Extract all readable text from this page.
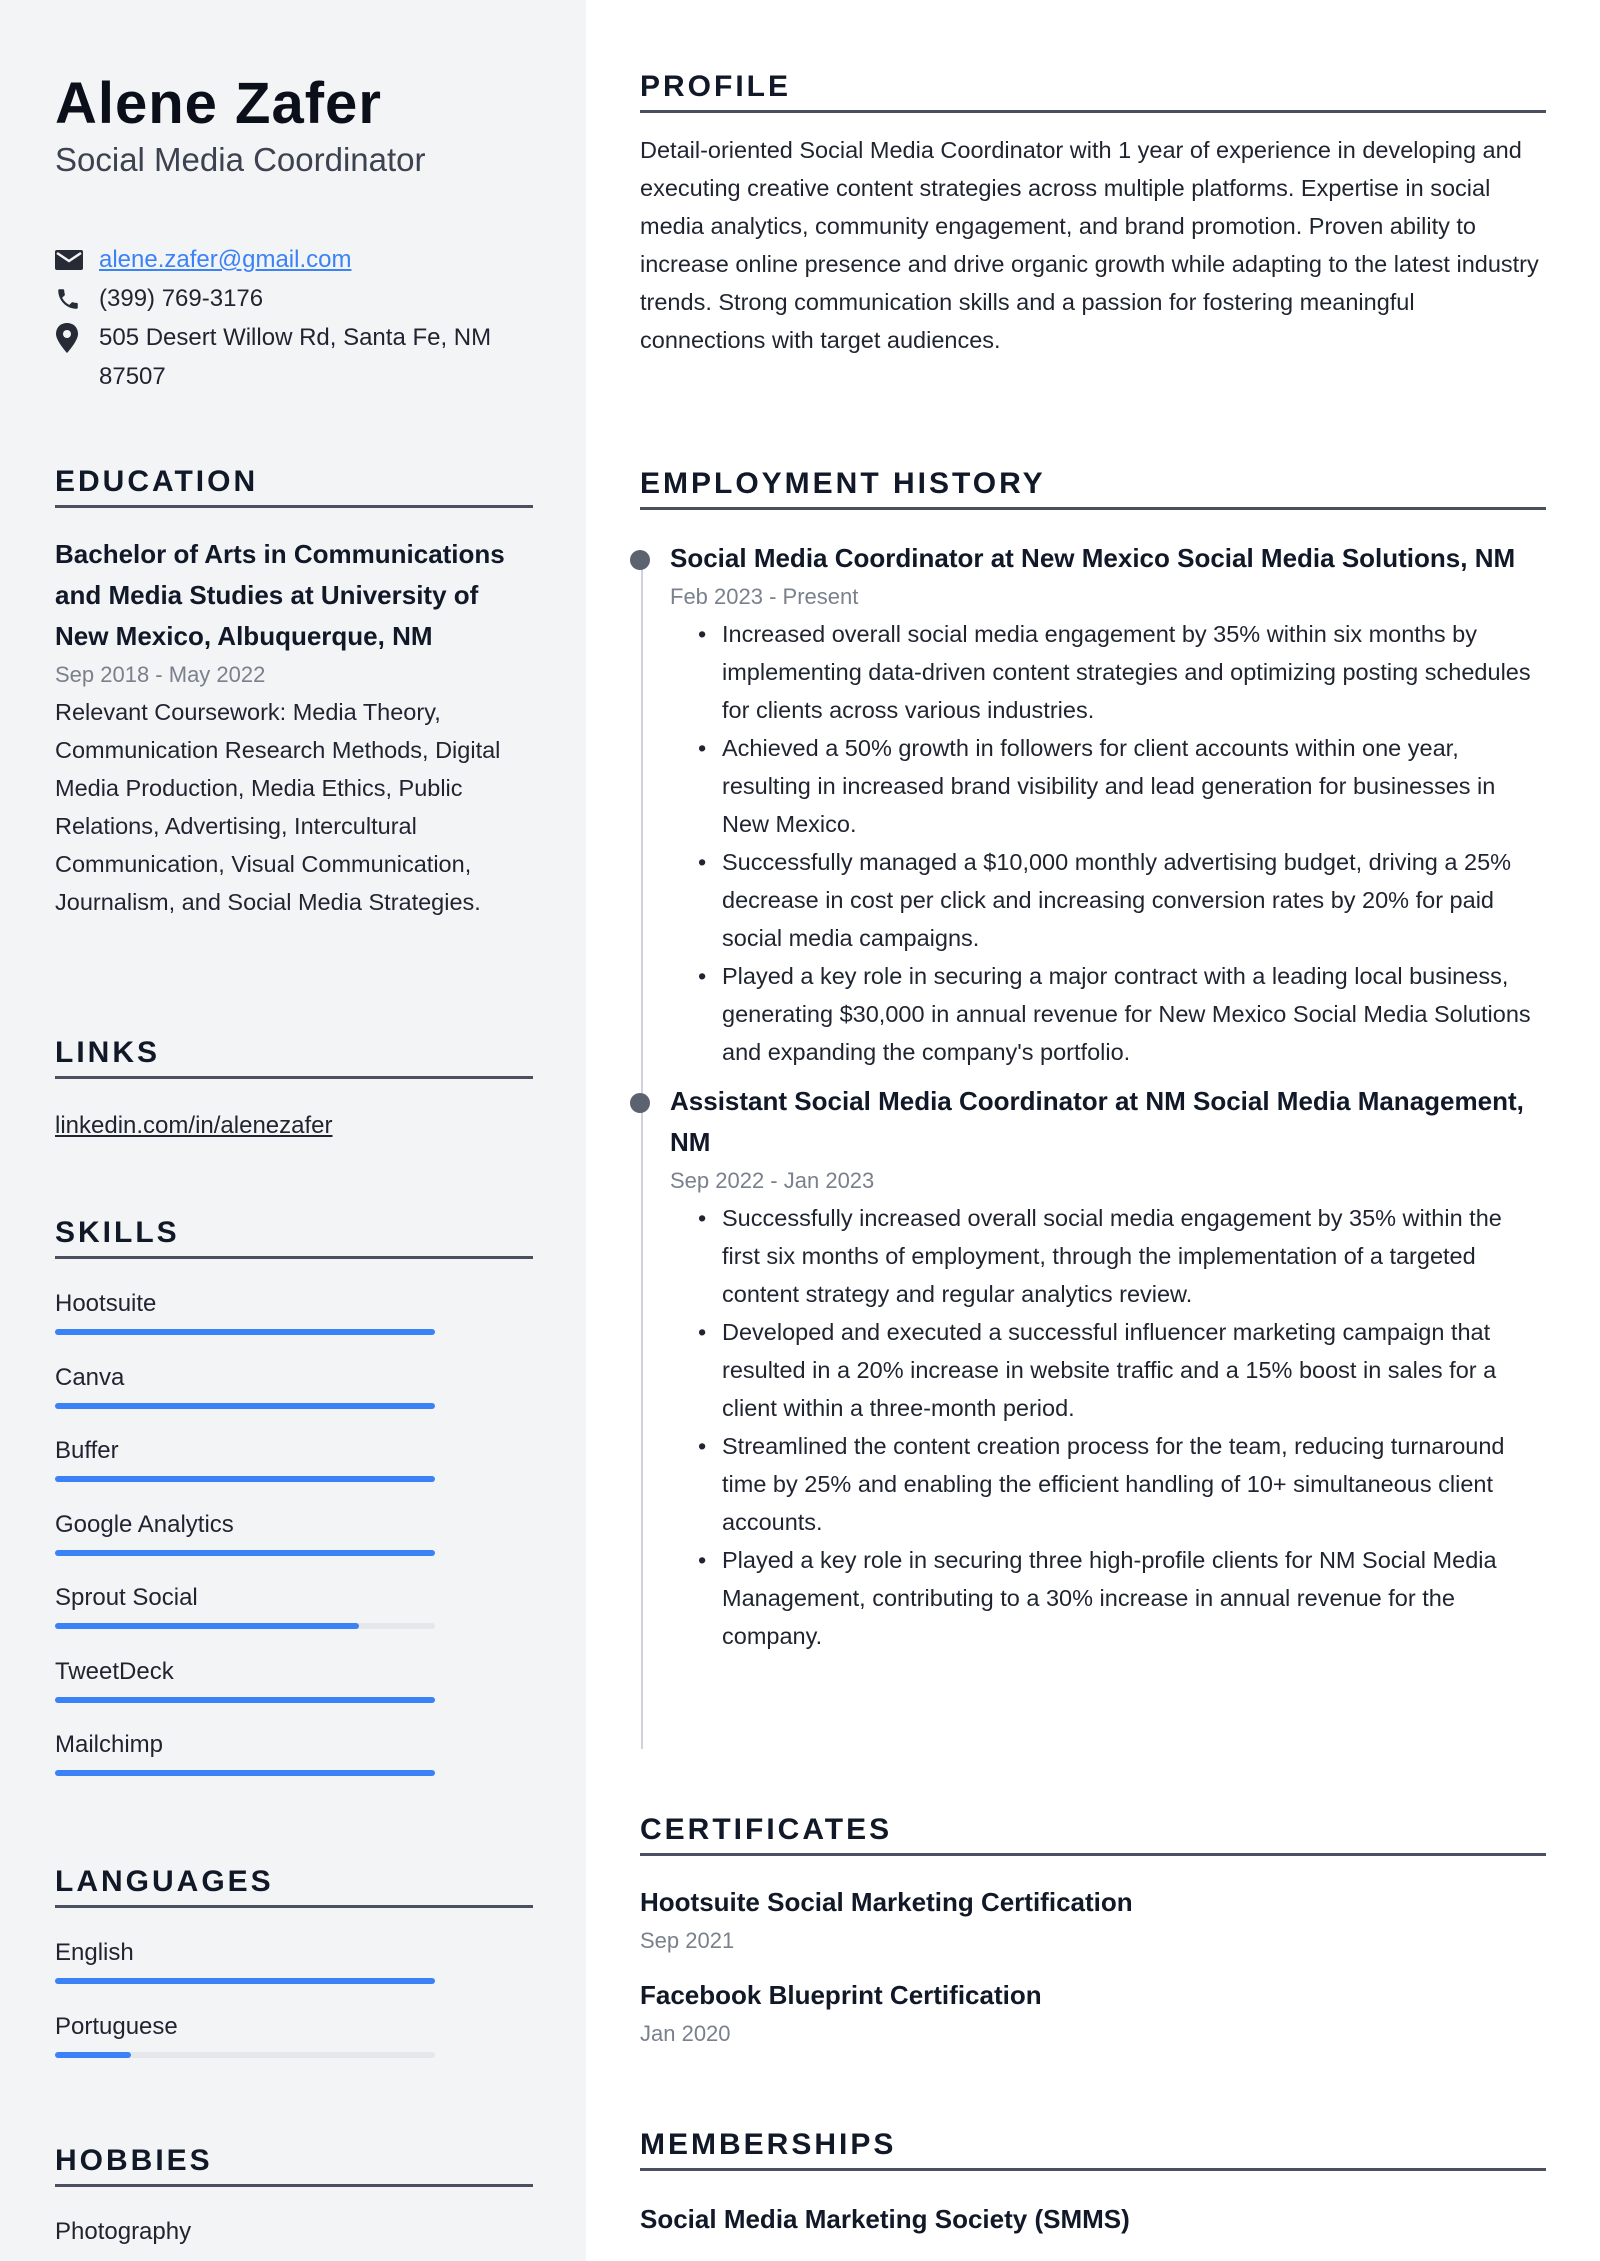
Alene Zafer
Social Media Coordinator
alene.zafer@gmail.com
(399) 769-3176
505 Desert Willow Rd, Santa Fe, NM 87507
EDUCATION
Bachelor of Arts in Communications and Media Studies at University of New Mexico, Albuquerque, NM
Sep 2018 - May 2022
Relevant Coursework: Media Theory, Communication Research Methods, Digital Media Production, Media Ethics, Public Relations, Advertising, Intercultural Communication, Visual Communication, Journalism, and Social Media Strategies.
LINKS
linkedin.com/in/alenezafer
SKILLS
Hootsuite
Canva
Buffer
Google Analytics
Sprout Social
TweetDeck
Mailchimp
LANGUAGES
English
Portuguese
HOBBIES
Photography
PROFILE
Detail-oriented Social Media Coordinator with 1 year of experience in developing and executing creative content strategies across multiple platforms. Expertise in social media analytics, community engagement, and brand promotion. Proven ability to increase online presence and drive organic growth while adapting to the latest industry trends. Strong communication skills and a passion for fostering meaningful connections with target audiences.
EMPLOYMENT HISTORY
Social Media Coordinator at New Mexico Social Media Solutions, NM
Feb 2023 - Present
• Increased overall social media engagement by 35% within six months by implementing data-driven content strategies and optimizing posting schedules for clients across various industries.
• Achieved a 50% growth in followers for client accounts within one year, resulting in increased brand visibility and lead generation for businesses in New Mexico.
• Successfully managed a $10,000 monthly advertising budget, driving a 25% decrease in cost per click and increasing conversion rates by 20% for paid social media campaigns.
• Played a key role in securing a major contract with a leading local business, generating $30,000 in annual revenue for New Mexico Social Media Solutions and expanding the company's portfolio.
Assistant Social Media Coordinator at NM Social Media Management, NM
Sep 2022 - Jan 2023
• Successfully increased overall social media engagement by 35% within the first six months of employment, through the implementation of a targeted content strategy and regular analytics review.
• Developed and executed a successful influencer marketing campaign that resulted in a 20% increase in website traffic and a 15% boost in sales for a client within a three-month period.
• Streamlined the content creation process for the team, reducing turnaround time by 25% and enabling the efficient handling of 10+ simultaneous client accounts.
• Played a key role in securing three high-profile clients for NM Social Media Management, contributing to a 30% increase in annual revenue for the company.
CERTIFICATES
Hootsuite Social Marketing Certification
Sep 2021
Facebook Blueprint Certification
Jan 2020
MEMBERSHIPS
Social Media Marketing Society (SMMS)
